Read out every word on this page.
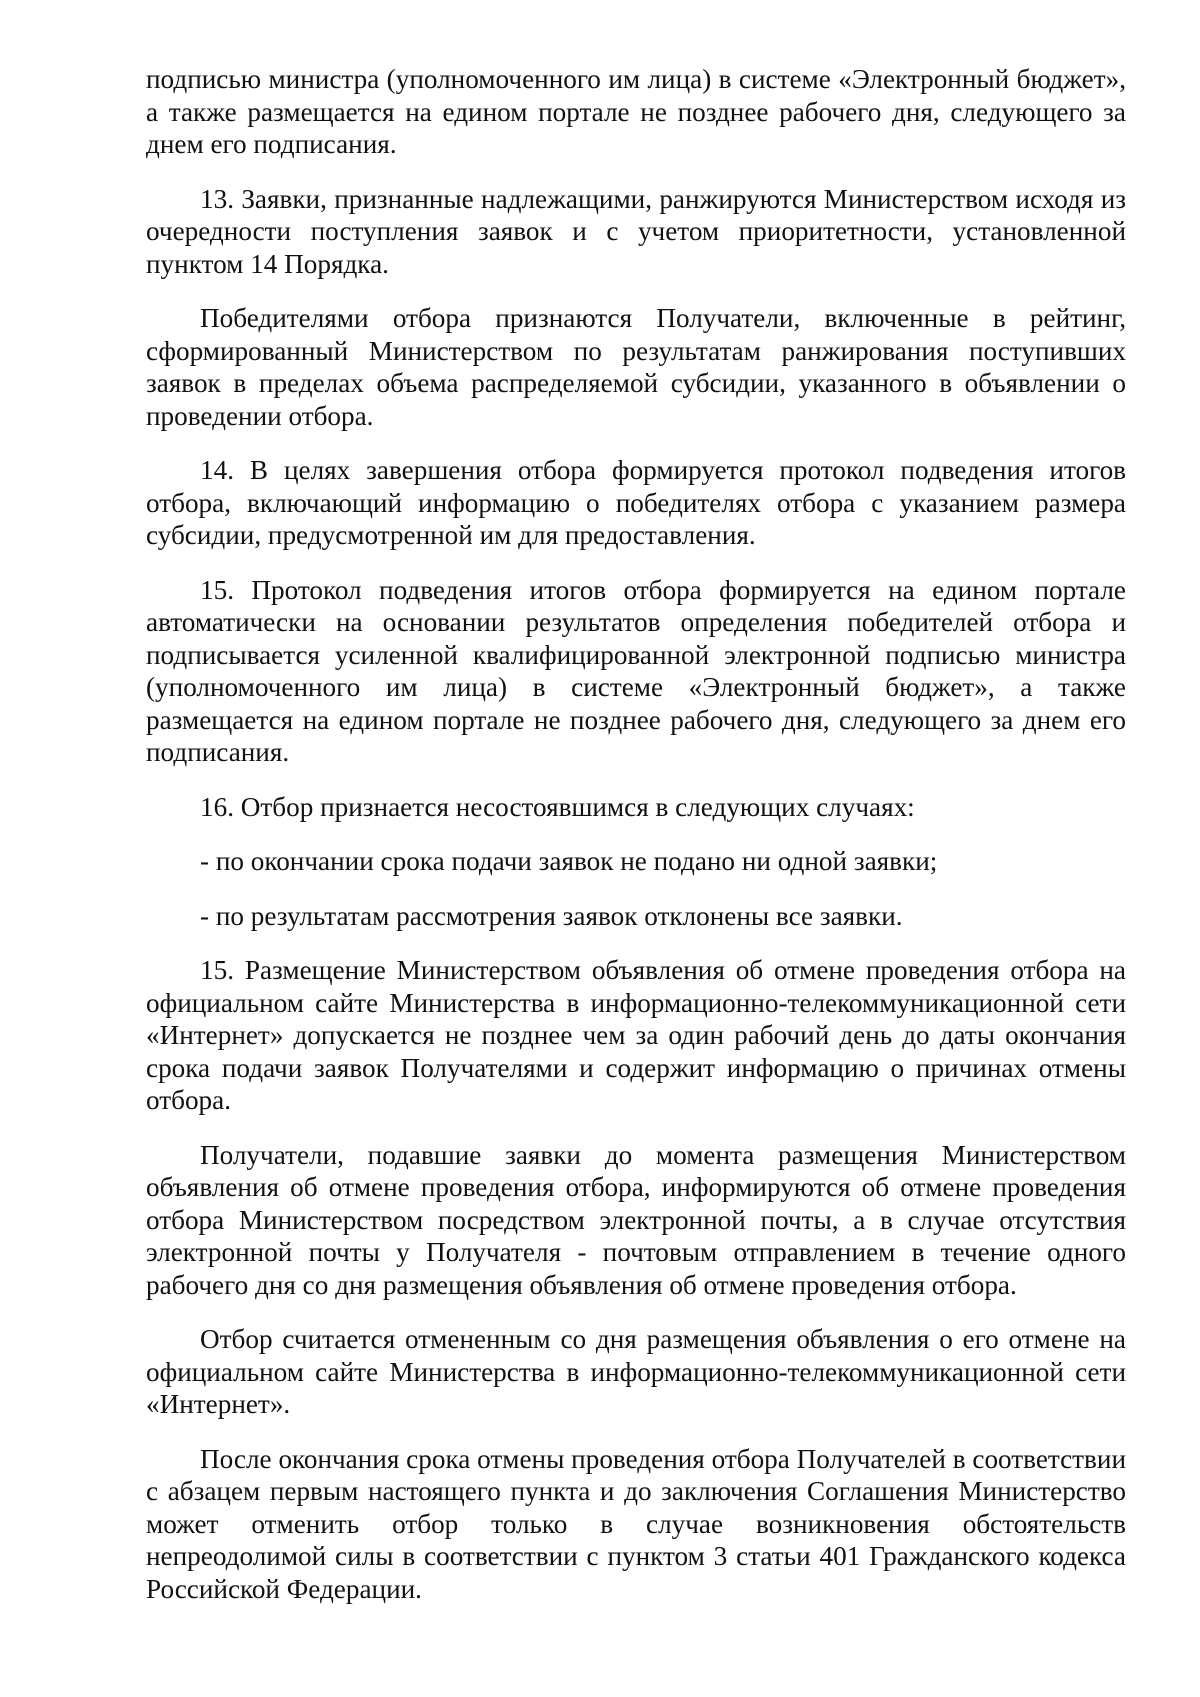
подписью министра (уполномоченного им лица) в системе «Электронный бюджет», а также размещается на едином портале не позднее рабочего дня, следующего за днем его подписания.

13. Заявки, признанные надлежащими, ранжируются Министерством исходя из очередности поступления заявок и с учетом приоритетности, установленной пунктом 14 Порядка.

Победителями отбора признаются Получатели, включенные в рейтинг, сформированный Министерством по результатам ранжирования поступивших заявок в пределах объема распределяемой субсидии, указанного в объявлении о проведении отбора.

14. В целях завершения отбора формируется протокол подведения итогов отбора, включающий информацию о победителях отбора с указанием размера субсидии, предусмотренной им для предоставления.

15. Протокол подведения итогов отбора формируется на едином портале автоматически на основании результатов определения победителей отбора и подписывается усиленной квалифицированной электронной подписью министра (уполномоченного им лица) в системе «Электронный бюджет», а также размещается на едином портале не позднее рабочего дня, следующего за днем его подписания.

16. Отбор признается несостоявшимся в следующих случаях:

- по окончании срока подачи заявок не подано ни одной заявки;

- по результатам рассмотрения заявок отклонены все заявки.

15. Размещение Министерством объявления об отмене проведения отбора на официальном сайте Министерства в информационно-телекоммуникационной сети «Интернет» допускается не позднее чем за один рабочий день до даты окончания срока подачи заявок Получателями и содержит информацию о причинах отмены отбора.

Получатели, подавшие заявки до момента размещения Министерством объявления об отмене проведения отбора, информируются об отмене проведения отбора Министерством посредством электронной почты, а в случае отсутствия электронной почты у Получателя - почтовым отправлением в течение одного рабочего дня со дня размещения объявления об отмене проведения отбора.

Отбор считается отмененным со дня размещения объявления о его отмене на официальном сайте Министерства в информационно-телекоммуникационной сети «Интернет».

После окончания срока отмены проведения отбора Получателей в соответствии с абзацем первым настоящего пункта и до заключения Соглашения Министерство может отменить отбор только в случае возникновения обстоятельств непреодолимой силы в соответствии с пунктом 3 статьи 401 Гражданского кодекса Российской Федерации.
